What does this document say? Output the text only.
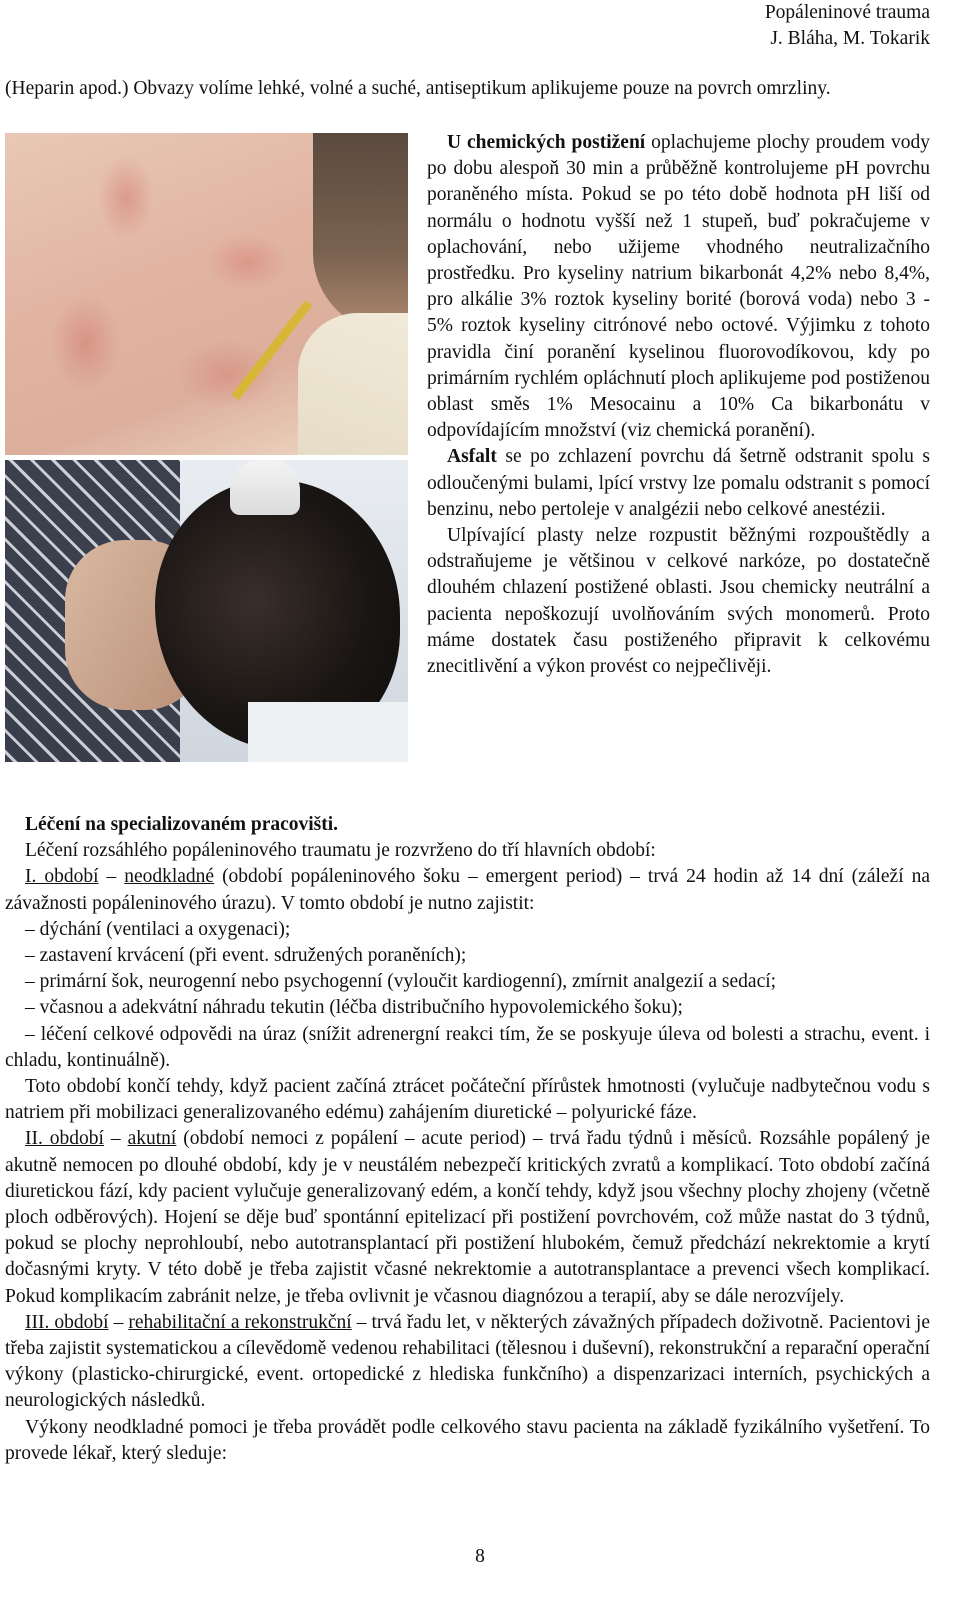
Popáleninové trauma
J. Bláha, M. Tokarik

(Heparin apod.) Obvazy volíme lehké, volné a suché, antiseptikum aplikujeme pouze na povrch omrzliny.

U chemických postižení oplachujeme plochy proudem vody po dobu alespoň 30 min a průběžně kontrolujeme pH povrchu poraněného místa. Pokud se po této době hodnota pH liší od normálu o hodnotu vyšší než 1 stupeň, buď pokračujeme v oplachování, nebo užijeme vhodného neutralizačního prostředku. Pro kyseliny natrium bikarbonát 4,2% nebo 8,4%, pro alkálie 3% roztok kyseliny borité (borová voda) nebo 3 - 5% roztok kyseliny citrónové nebo octové. Výjimku z tohoto pravidla činí poranění kyselinou fluorovodíkovou, kdy po primárním rychlém opláchnutí ploch aplikujeme pod postiženou oblast směs 1% Mesocainu a 10% Ca bikarbonátu v odpovídajícím množství (viz chemická poranění).

Asfalt se po zchlazení povrchu dá šetrně odstranit spolu s odloučenými bulami, lpící vrstvy lze pomalu odstranit s pomocí benzinu, nebo pertoleje v analgézii nebo celkové anestézii.

Ulpívající plasty nelze rozpustit běžnými rozpouštědly a odstraňujeme je většinou v celkové narkóze, po dostatečně dlouhém chlazení postižené oblasti. Jsou chemicky neutrální a pacienta nepoškozují uvolňováním svých monomerů. Proto máme dostatek času postiženého připravit k celkovému znecitlivění a výkon provést co nejpečlivěji.

Léčení na specializovaném pracovišti.

Léčení rozsáhlého popáleninového traumatu je rozvrženo do tří hlavních období:

I. období – neodkladné (období popáleninového šoku – emergent period) – trvá 24 hodin až 14 dní (záleží na závažnosti popáleninového úrazu). V tomto období je nutno zajistit:

– dýchání (ventilaci a oxygenaci);

– zastavení krvácení (při event. sdružených poraněních);

– primární šok, neurogenní nebo psychogenní (vyloučit kardiogenní), zmírnit analgezií a sedací;

– včasnou a adekvátní náhradu tekutin (léčba distribučního hypovolemického šoku);

– léčení celkové odpovědi na úraz (snížit adrenergní reakci tím, že se poskyuje úleva od bolesti a strachu, event. i chladu, kontinuálně).

Toto období končí tehdy, když pacient začíná ztrácet počáteční přírůstek hmotnosti (vylučuje nadbytečnou vodu s natriem při mobilizaci generalizovaného edému) zahájením diuretické – polyurické fáze.

II. období – akutní (období nemoci z popálení – acute period) – trvá řadu týdnů i měsíců. Rozsáhle popálený je akutně nemocen po dlouhé období, kdy je v neustálém nebezpečí kritických zvratů a komplikací. Toto období začíná diuretickou fází, kdy pacient vylučuje generalizovaný edém, a končí tehdy, když jsou všechny plochy zhojeny (včetně ploch odběrových). Hojení se děje buď spontánní epitelizací při postižení povrchovém, což může nastat do 3 týdnů, pokud se plochy neprohloubí, nebo autotransplantací při postižení hlubokém, čemuž předchází nekrektomie a krytí dočasnými kryty. V této době je třeba zajistit včasné nekrektomie a autotransplantace a prevenci všech komplikací. Pokud komplikacím zabránit nelze, je třeba ovlivnit je včasnou diagnózou a terapií, aby se dále nerozvíjely.

III. období – rehabilitační a rekonstrukční – trvá řadu let, v některých závažných případech doživotně. Pacientovi je třeba zajistit systematickou a cílevědomě vedenou rehabilitaci (tělesnou i duševní), rekonstrukční a reparační operační výkony (plasticko-chirurgické, event. ortopedické z hlediska funkčního) a dispenzarizaci interních, psychických a neurologických následků.

Výkony neodkladné pomoci je třeba provádět podle celkového stavu pacienta na základě fyzikálního vyšetření. To provede lékař, který sleduje:

8
